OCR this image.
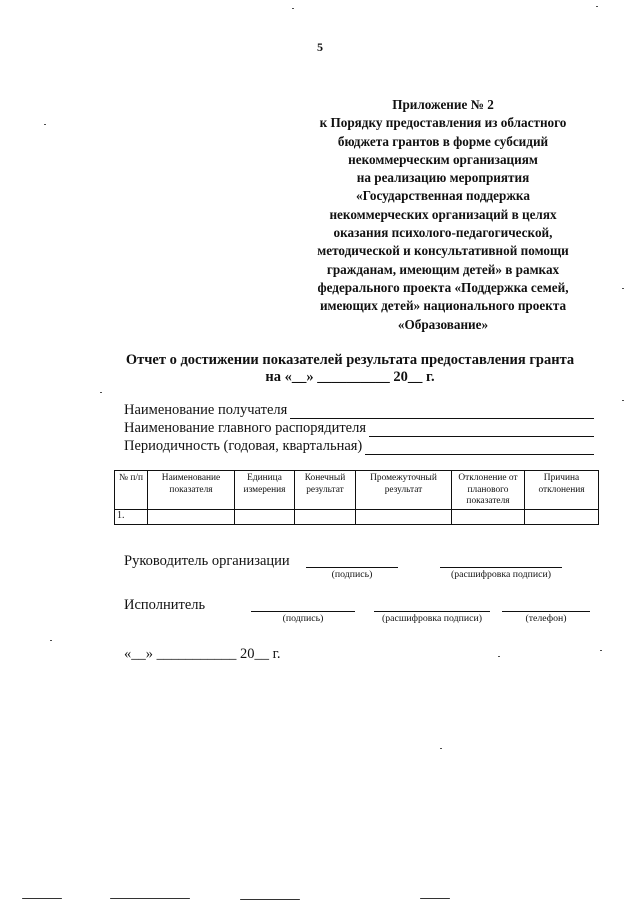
5
Приложение № 2
к Порядку предоставления из областного
бюджета грантов в форме субсидий
некоммерческим организациям
на реализацию мероприятия
«Государственная поддержка
некоммерческих организаций в целях
оказания психолого-педагогической,
методической и консультативной помощи
гражданам, имеющим детей» в рамках
федерального проекта «Поддержка семей,
имеющих детей» национального проекта
«Образование»
Отчет о достижении показателей результата предоставления гранта
на «__» __________ 20__ г.
Наименование получателя
Наименование главного распорядителя
Периодичность (годовая, квартальная)
№ п/п	Наименование показателя	Единица измерения	Конечный результат	Промежуточный результат	Отклонение от планового показателя	Причина отклонения
1.						
Руководитель организации
(подпись)	(расшифровка подписи)
Исполнитель
(подпись)	(расшифровка подписи)	(телефон)
«__» ___________ 20__ г.
